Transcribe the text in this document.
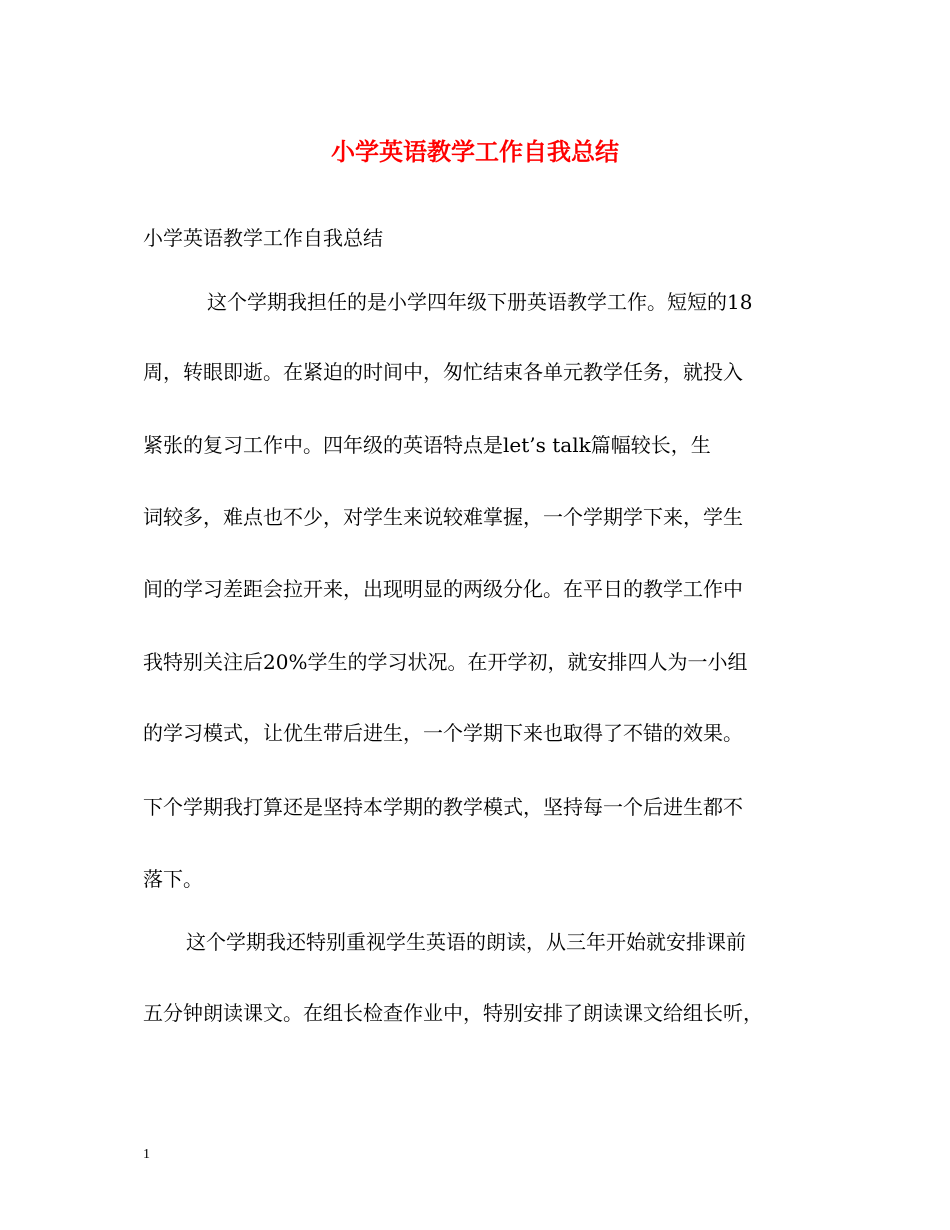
小学英语教学工作自我总结
小学英语教学工作自我总结
这个学期我担任的是小学四年级下册英语教学工作。短短的18
周，转眼即逝。在紧迫的时间中，匆忙结束各单元教学任务，就投入
紧张的复习工作中。四年级的英语特点是let’s talk篇幅较长，生
词较多，难点也不少，对学生来说较难掌握，一个学期学下来，学生
间的学习差距会拉开来，出现明显的两级分化。在平日的教学工作中
我特别关注后20%学生的学习状况。在开学初，就安排四人为一小组
的学习模式，让优生带后进生，一个学期下来也取得了不错的效果。
下个学期我打算还是坚持本学期的教学模式，坚持每一个后进生都不
落下。
这个学期我还特别重视学生英语的朗读，从三年开始就安排课前
五分钟朗读课文。在组长检查作业中，特别安排了朗读课文给组长听，
1
